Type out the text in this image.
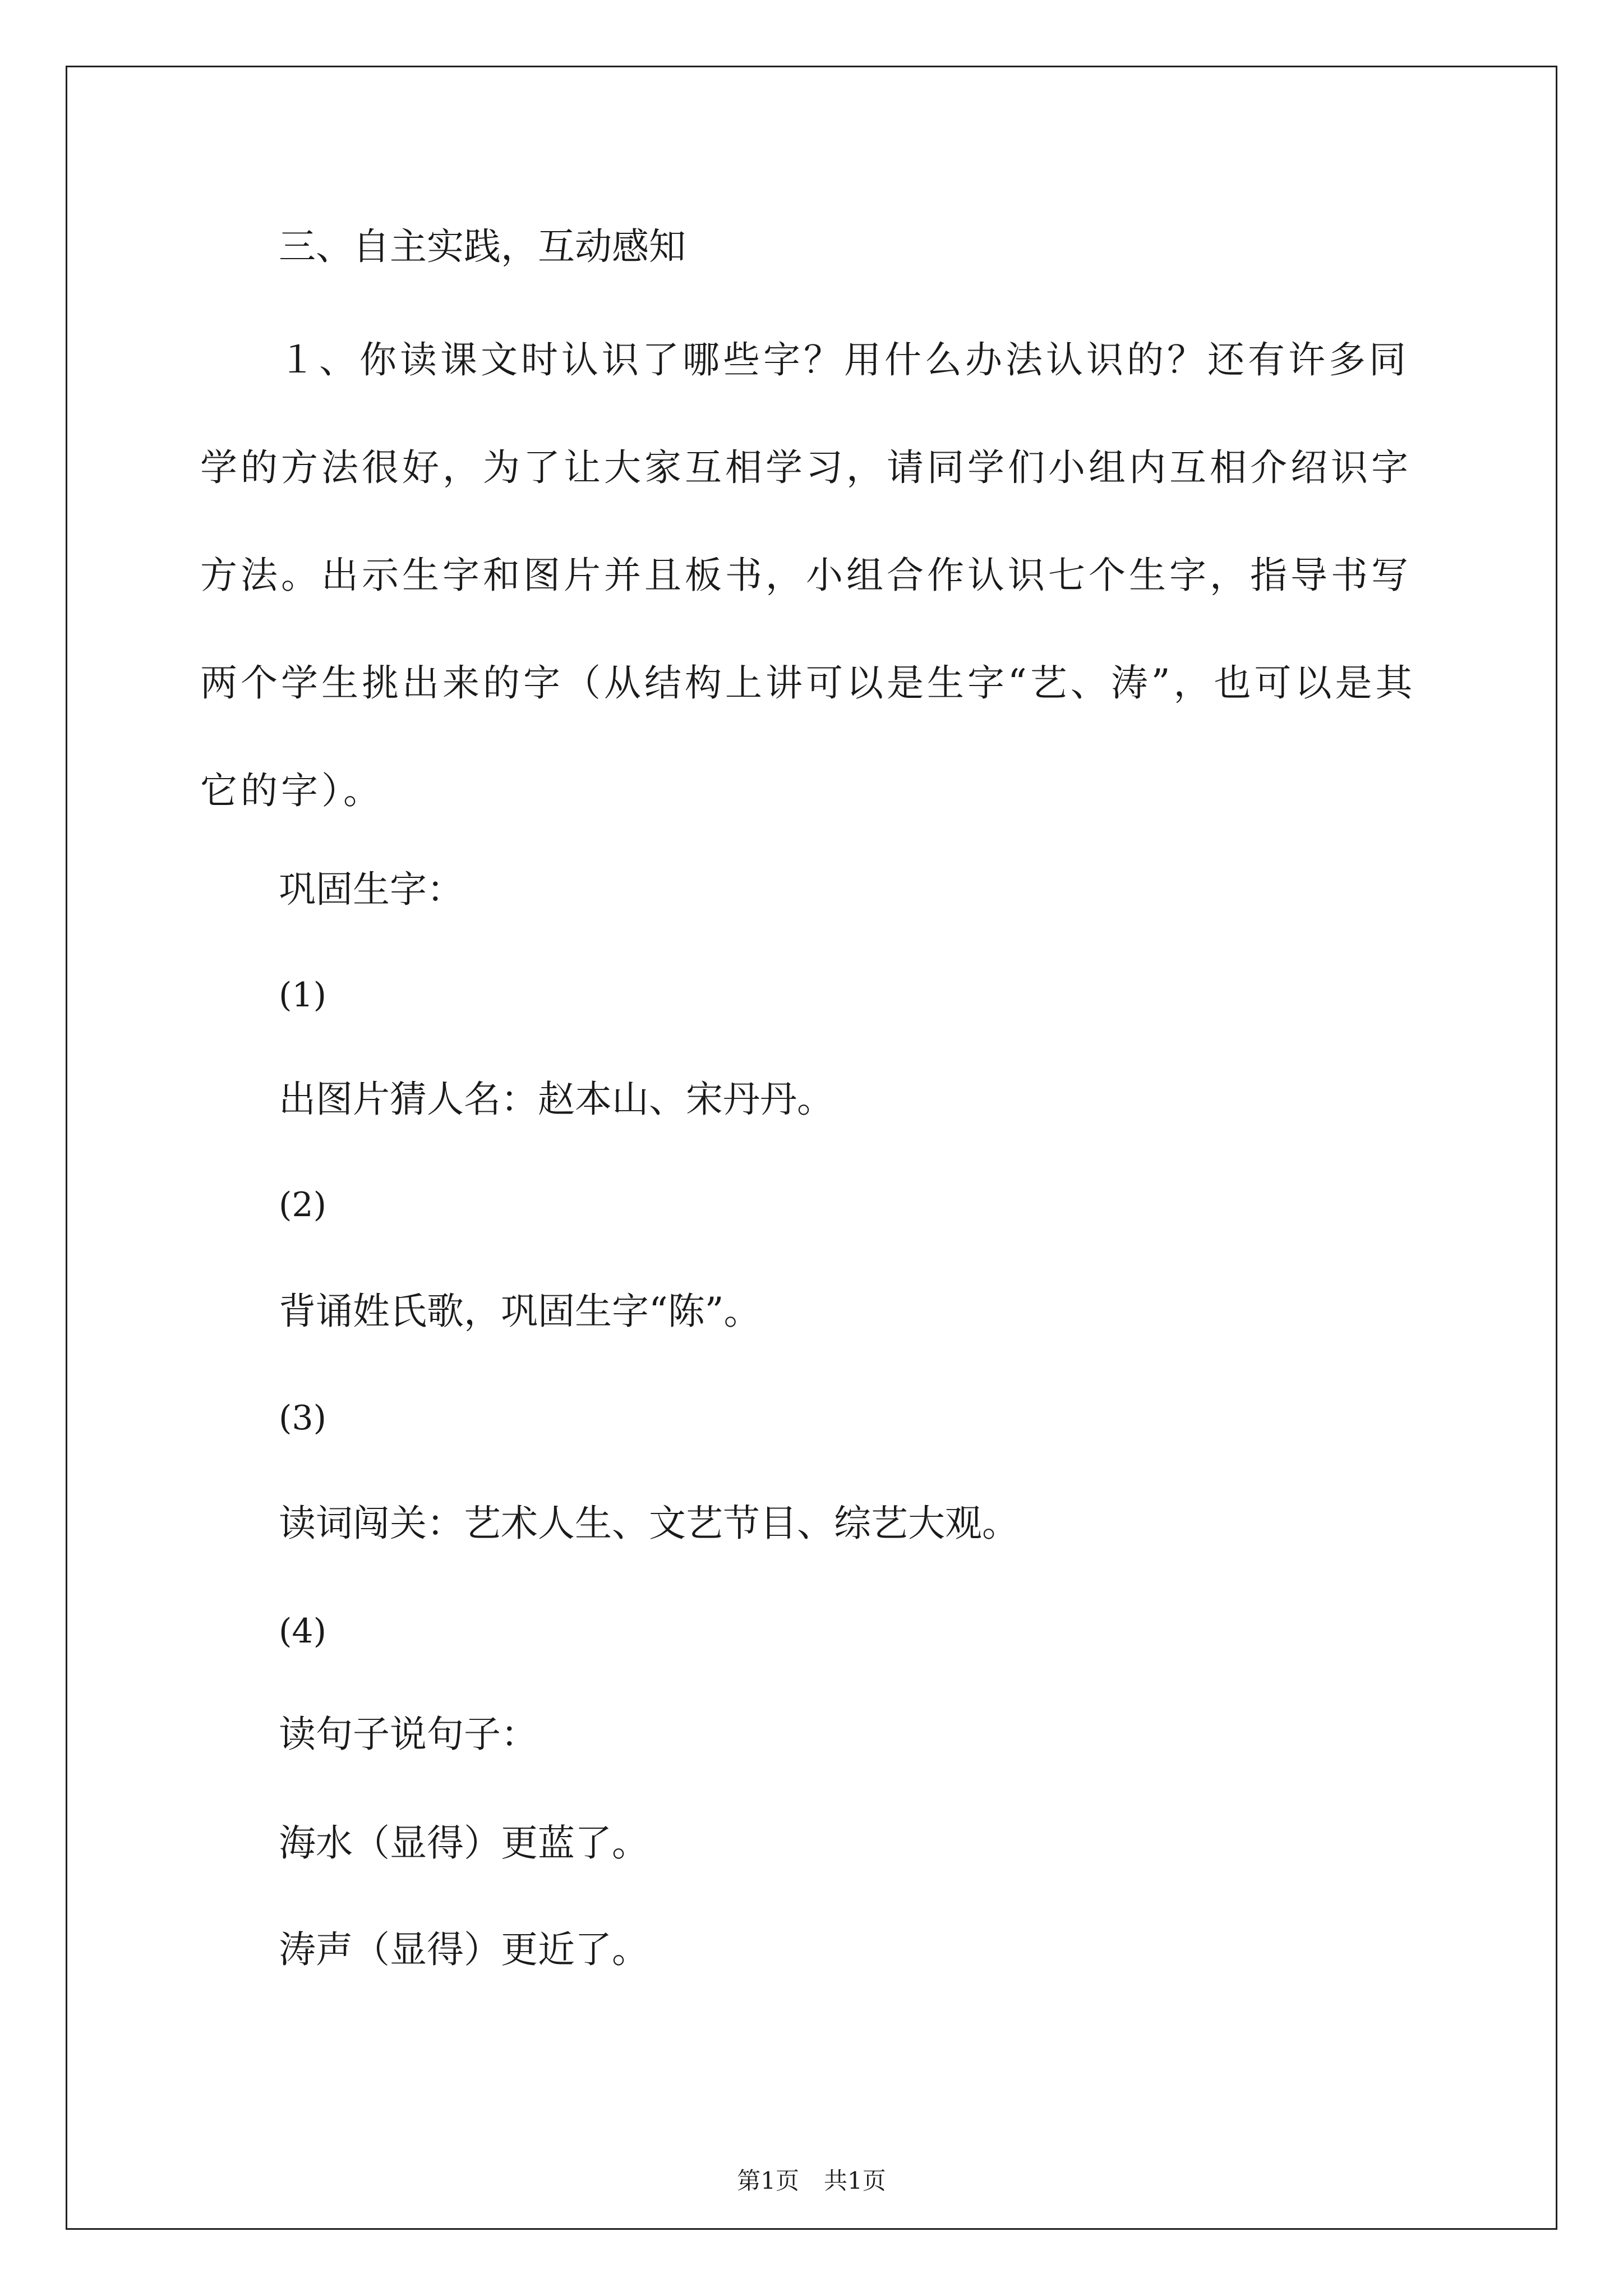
三、自主实践，互动感知
１、你读课文时认识了哪些字？用什么办法认识的？还有许多同
学的方法很好，为了让大家互相学习，请同学们小组内互相介绍识字
方法。出示生字和图片并且板书，小组合作认识七个生字，指导书写
两个学生挑出来的字（从结构上讲可以是生字“艺、涛”，也可以是其
它的字）。
巩固生字：
(1)
出图片猜人名：赵本山、宋丹丹。
(2)
背诵姓氏歌，巩固生字“陈”。
(3)
读词闯关：艺术人生、文艺节目、综艺大观。
(4)
读句子说句子：
海水（显得）更蓝了。
涛声（显得）更近了。
第1页 共1页
